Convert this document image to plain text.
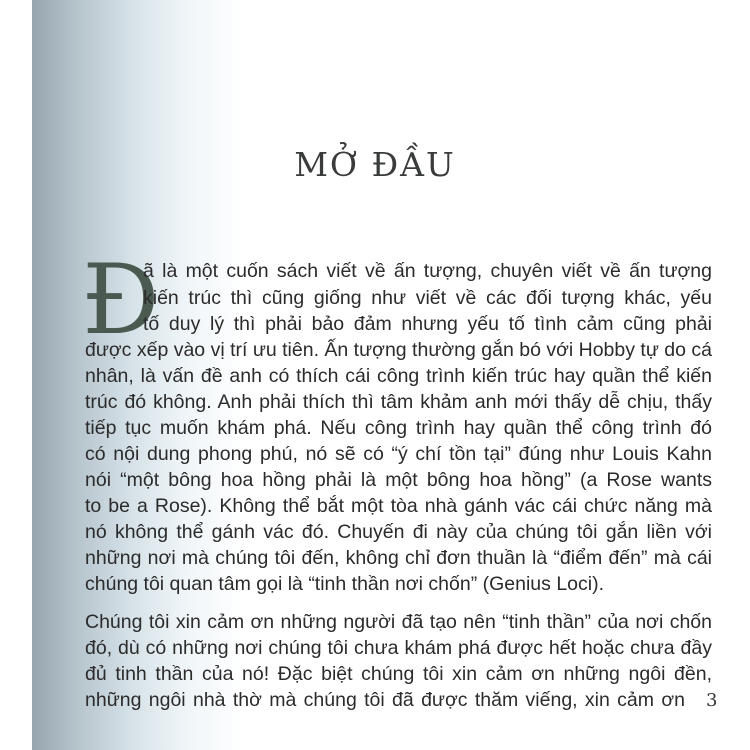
MỞ ĐẦU
Đ
ã là một cuốn sách viết về ấn tượng, chuyên viết về ấn tượng
kiến trúc thì cũng giống như viết về các đối tượng khác, yếu
tố duy lý thì phải bảo đảm nhưng yếu tố tình cảm cũng phải
được xếp vào vị trí ưu tiên. Ấn tượng thường gắn bó với Hobby tự do cá
nhân, là vấn đề anh có thích cái công trình kiến trúc hay quần thể kiến
trúc đó không. Anh phải thích thì tâm khảm anh mới thấy dễ chịu, thấy
tiếp tục muốn khám phá. Nếu công trình hay quần thể công trình đó
có nội dung phong phú, nó sẽ có “ý chí tồn tại” đúng như Louis Kahn
nói “một bông hoa hồng phải là một bông hoa hồng” (a Rose wants
to be a Rose). Không thể bắt một tòa nhà gánh vác cái chức năng mà
nó không thể gánh vác đó. Chuyến đi này của chúng tôi gắn liền với
những nơi mà chúng tôi đến, không chỉ đơn thuần là “điểm đến” mà cái
chúng tôi quan tâm gọi là “tinh thần nơi chốn” (Genius Loci).
Chúng tôi xin cảm ơn những người đã tạo nên “tinh thần” của nơi chốn
đó, dù có những nơi chúng tôi chưa khám phá được hết hoặc chưa đầy
đủ tinh thần của nó! Đặc biệt chúng tôi xin cảm ơn những ngôi đền,
những ngôi nhà thờ mà chúng tôi đã được thăm viếng, xin cảm ơn 3
